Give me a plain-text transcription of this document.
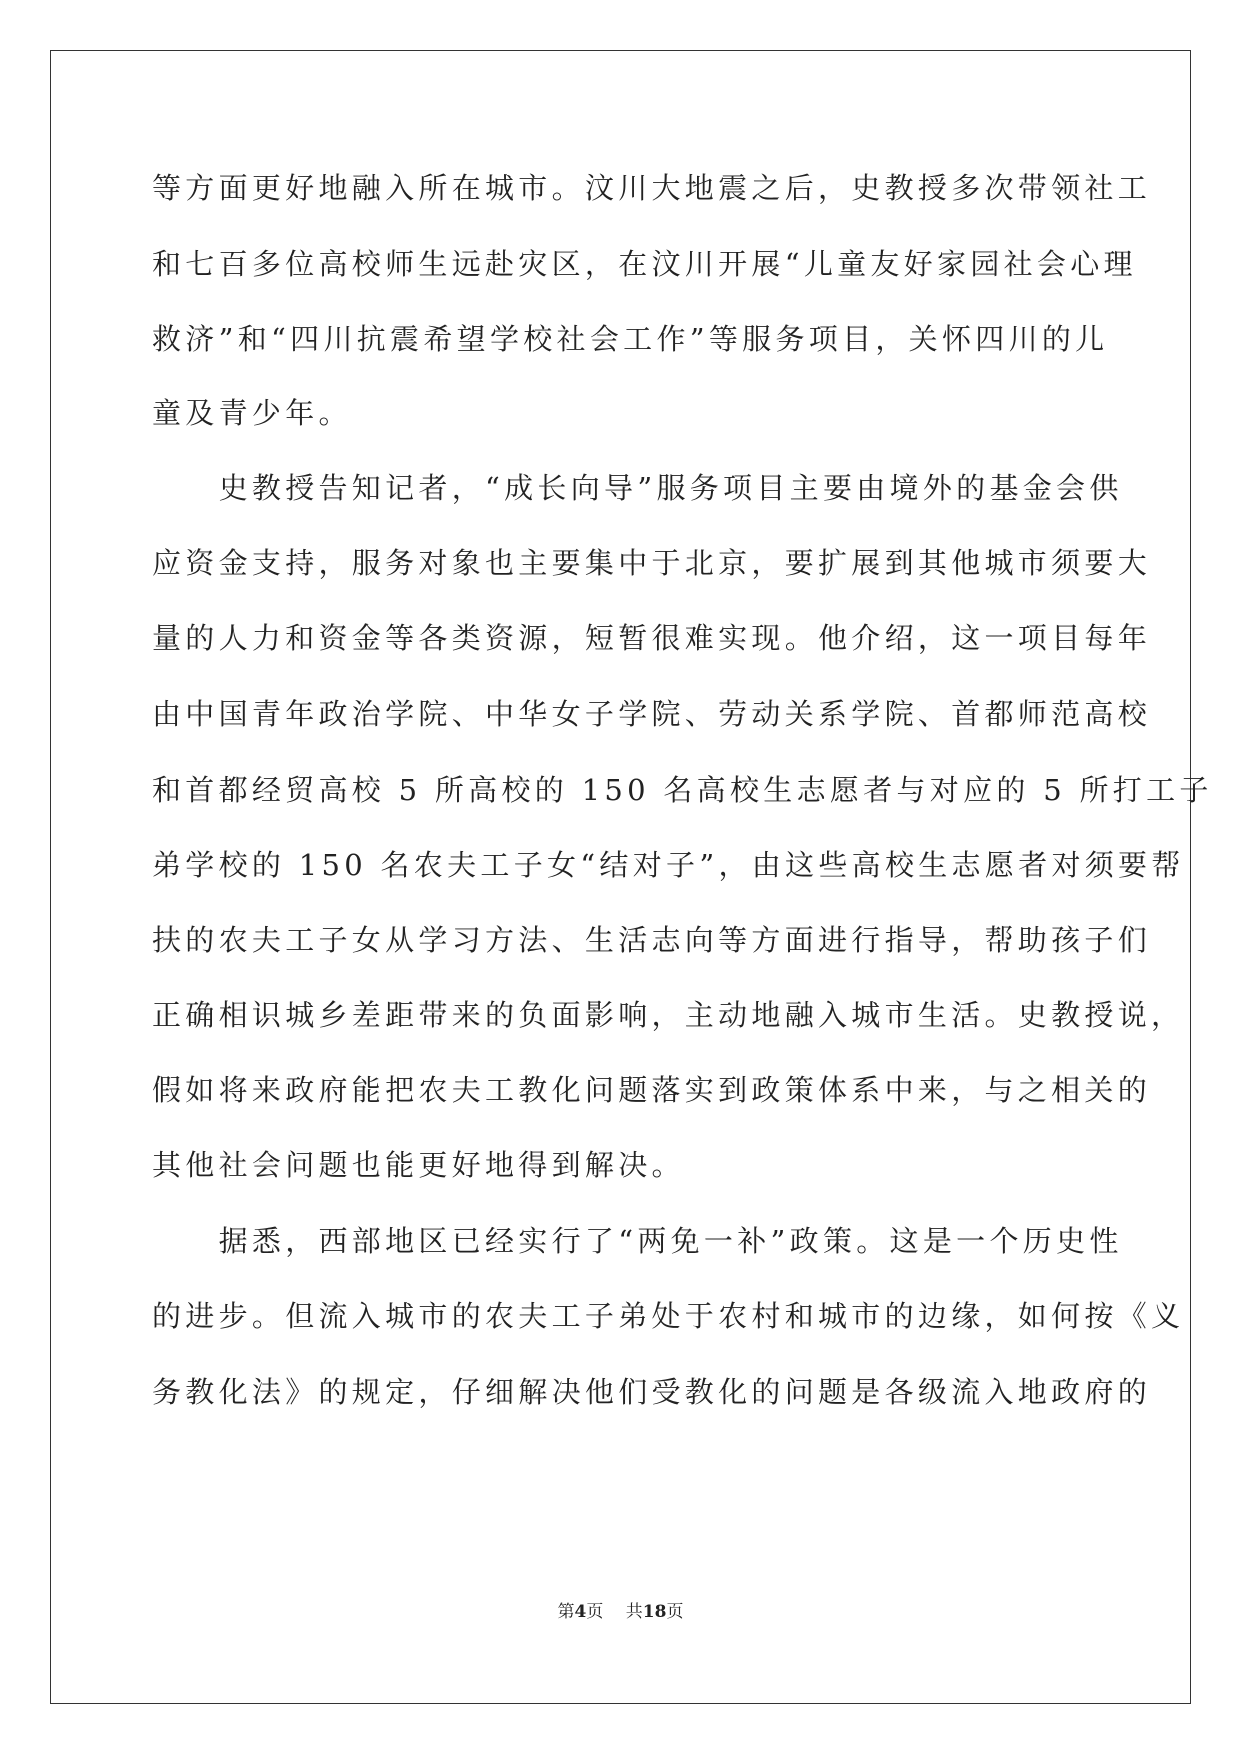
等方面更好地融入所在城市。汶川大地震之后，史教授多次带领社工
和七百多位高校师生远赴灾区，在汶川开展“儿童友好家园社会心理
救济”和“四川抗震希望学校社会工作”等服务项目，关怀四川的儿
童及青少年。
　　史教授告知记者，“成长向导”服务项目主要由境外的基金会供
应资金支持，服务对象也主要集中于北京，要扩展到其他城市须要大
量的人力和资金等各类资源，短暂很难实现。他介绍，这一项目每年
由中国青年政治学院、中华女子学院、劳动关系学院、首都师范高校
和首都经贸高校 5 所高校的 150 名高校生志愿者与对应的 5 所打工子
弟学校的 150 名农夫工子女“结对子”，由这些高校生志愿者对须要帮
扶的农夫工子女从学习方法、生活志向等方面进行指导，帮助孩子们
正确相识城乡差距带来的负面影响，主动地融入城市生活。史教授说，
假如将来政府能把农夫工教化问题落实到政策体系中来，与之相关的
其他社会问题也能更好地得到解决。
　　据悉，西部地区已经实行了“两免一补”政策。这是一个历史性
的进步。但流入城市的农夫工子弟处于农村和城市的边缘，如何按《义
务教化法》的规定，仔细解决他们受教化的问题是各级流入地政府的
第4页　 共18页
